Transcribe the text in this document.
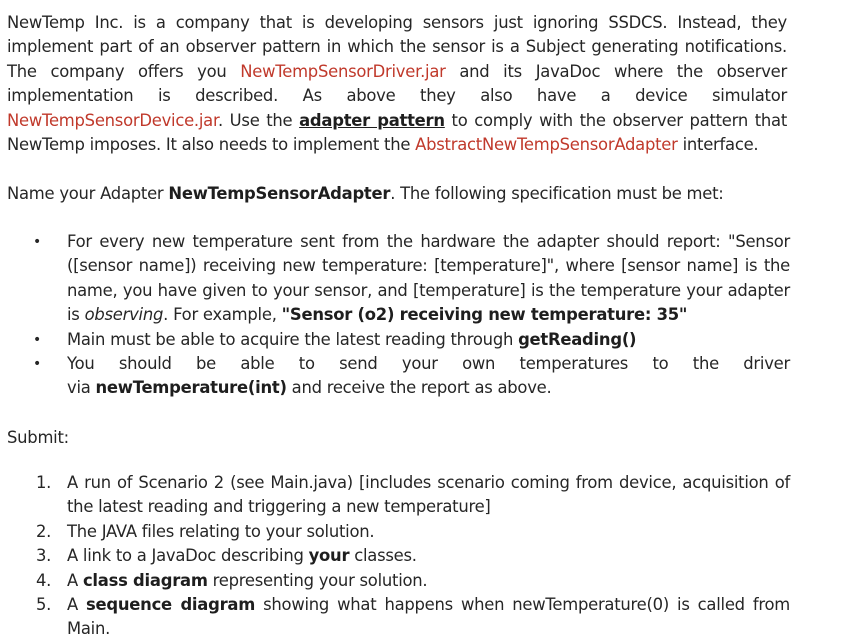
NewTemp Inc. is a company that is developing sensors just ignoring SSDCS. Instead, they implement part of an observer pattern in which the sensor is a Subject generating notifications. The company offers you NewTempSensorDriver.jar and its JavaDoc where the observer implementation is described. As above they also have a device simulator NewTempSensorDevice.jar. Use the adapter pattern to comply with the observer pattern that NewTemp imposes. It also needs to implement the AbstractNewTempSensorAdapter interface.

Name your Adapter NewTempSensorAdapter. The following specification must be met:

• For every new temperature sent from the hardware the adapter should report: "Sensor ([sensor name]) receiving new temperature: [temperature]", where [sensor name] is the name, you have given to your sensor, and [temperature] is the temperature your adapter is observing. For example, "Sensor (o2) receiving new temperature: 35"
• Main must be able to acquire the latest reading through getReading()
• You should be able to send your own temperatures to the driver
via newTemperature(int) and receive the report as above.
Submit:
1. A run of Scenario 2 (see Main.java) [includes scenario coming from device, acquisition of
the latest reading and triggering a new temperature]
2. The JAVA files relating to your solution.
3. A link to a JavaDoc describing your classes.
4. A class diagram representing your solution.
5. A sequence diagram showing what happens when newTemperature(0) is called from
Main.
